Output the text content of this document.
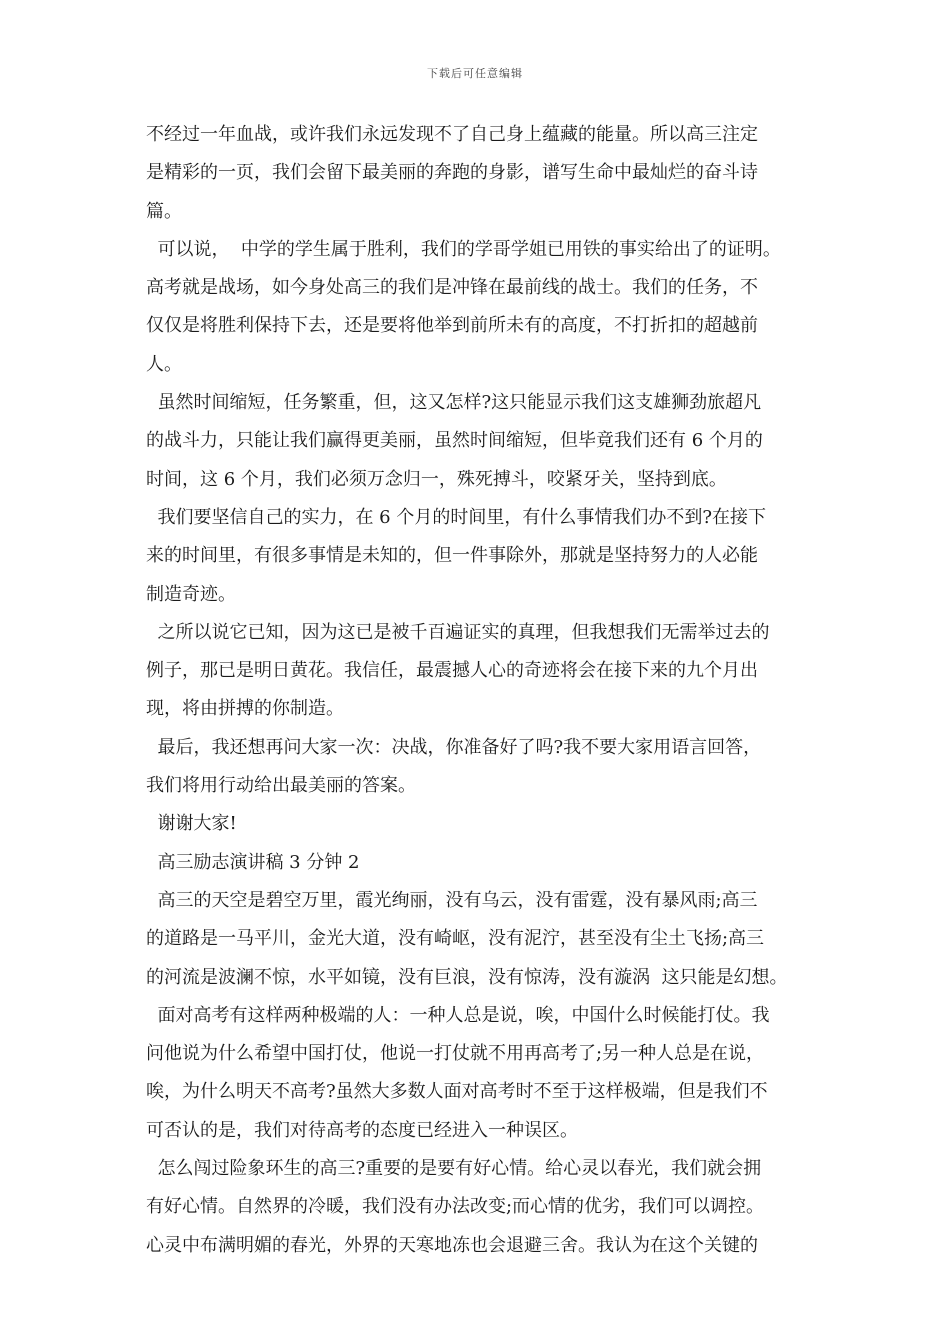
下载后可任意编辑
不经过一年血战，或许我们永远发现不了自己身上蕴藏的能量。所以高三注定
是精彩的一页，我们会留下最美丽的奔跑的身影，谱写生命中最灿烂的奋斗诗
篇。
可以说，  中学的学生属于胜利，我们的学哥学姐已用铁的事实给出了的证明。
高考就是战场，如今身处高三的我们是冲锋在最前线的战士。我们的任务，不
仅仅是将胜利保持下去，还是要将他举到前所未有的高度，不打折扣的超越前
人。
虽然时间缩短，任务繁重，但，这又怎样?这只能显示我们这支雄狮劲旅超凡
的战斗力，只能让我们赢得更美丽，虽然时间缩短，但毕竟我们还有 6 个月的
时间，这 6 个月，我们必须万念归一，殊死搏斗，咬紧牙关，坚持到底。
我们要坚信自己的实力，在 6 个月的时间里，有什么事情我们办不到?在接下
来的时间里，有很多事情是未知的，但一件事除外，那就是坚持努力的人必能
制造奇迹。
之所以说它已知，因为这已是被千百遍证实的真理，但我想我们无需举过去的
例子，那已是明日黄花。我信任，最震撼人心的奇迹将会在接下来的九个月出
现，将由拼搏的你制造。
最后，我还想再问大家一次：决战，你准备好了吗?我不要大家用语言回答，
我们将用行动给出最美丽的答案。
谢谢大家!
高三励志演讲稿 3 分钟 2
高三的天空是碧空万里，霞光绚丽，没有乌云，没有雷霆，没有暴风雨;高三
的道路是一马平川，金光大道，没有崎岖，没有泥泞，甚至没有尘土飞扬;高三
的河流是波澜不惊，水平如镜，没有巨浪，没有惊涛，没有漩涡  这只能是幻想。
面对高考有这样两种极端的人：一种人总是说，唉，中国什么时候能打仗。我
问他说为什么希望中国打仗，他说一打仗就不用再高考了;另一种人总是在说，
唉，为什么明天不高考?虽然大多数人面对高考时不至于这样极端，但是我们不
可否认的是，我们对待高考的态度已经进入一种误区。
怎么闯过险象环生的高三?重要的是要有好心情。给心灵以春光，我们就会拥
有好心情。自然界的冷暖，我们没有办法改变;而心情的优劣，我们可以调控。
心灵中布满明媚的春光，外界的天寒地冻也会退避三舍。我认为在这个关键的
